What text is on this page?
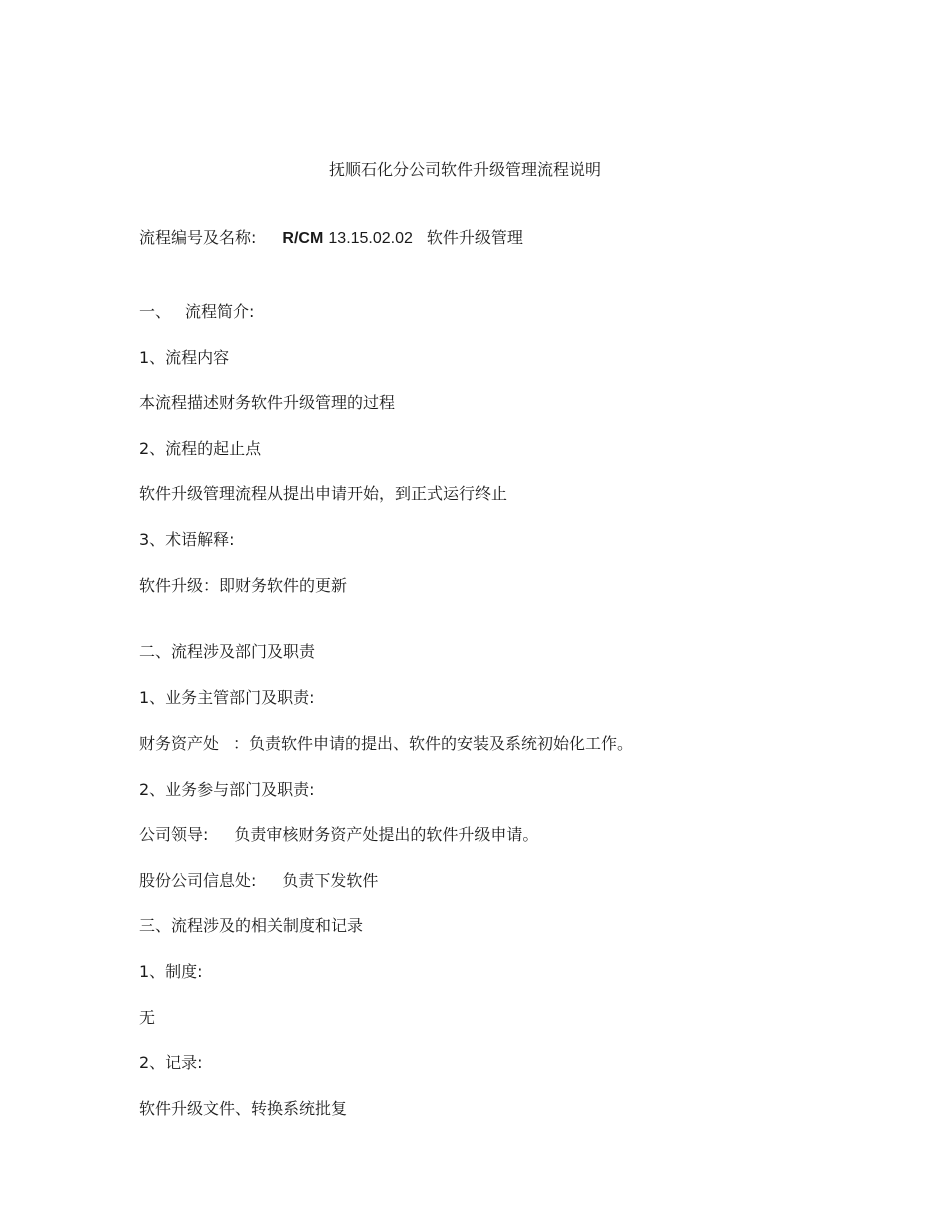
抚顺石化分公司软件升级管理流程说明
流程编号及名称: R/CM 13.15.02.02 软件升级管理
一、 流程简介:
1、流程内容
本流程描述财务软件升级管理的过程
2、流程的起止点
软件升级管理流程从提出申请开始，到正式运行终止
3、术语解释:
软件升级：即财务软件的更新
二、流程涉及部门及职责
1、业务主管部门及职责:
财务资产处 ：负责软件申请的提出、软件的安装及系统初始化工作。
2、业务参与部门及职责:
公司领导: 负责审核财务资产处提出的软件升级申请。
股份公司信息处: 负责下发软件
三、流程涉及的相关制度和记录
1、制度:
无
2、记录:
软件升级文件、转换系统批复
